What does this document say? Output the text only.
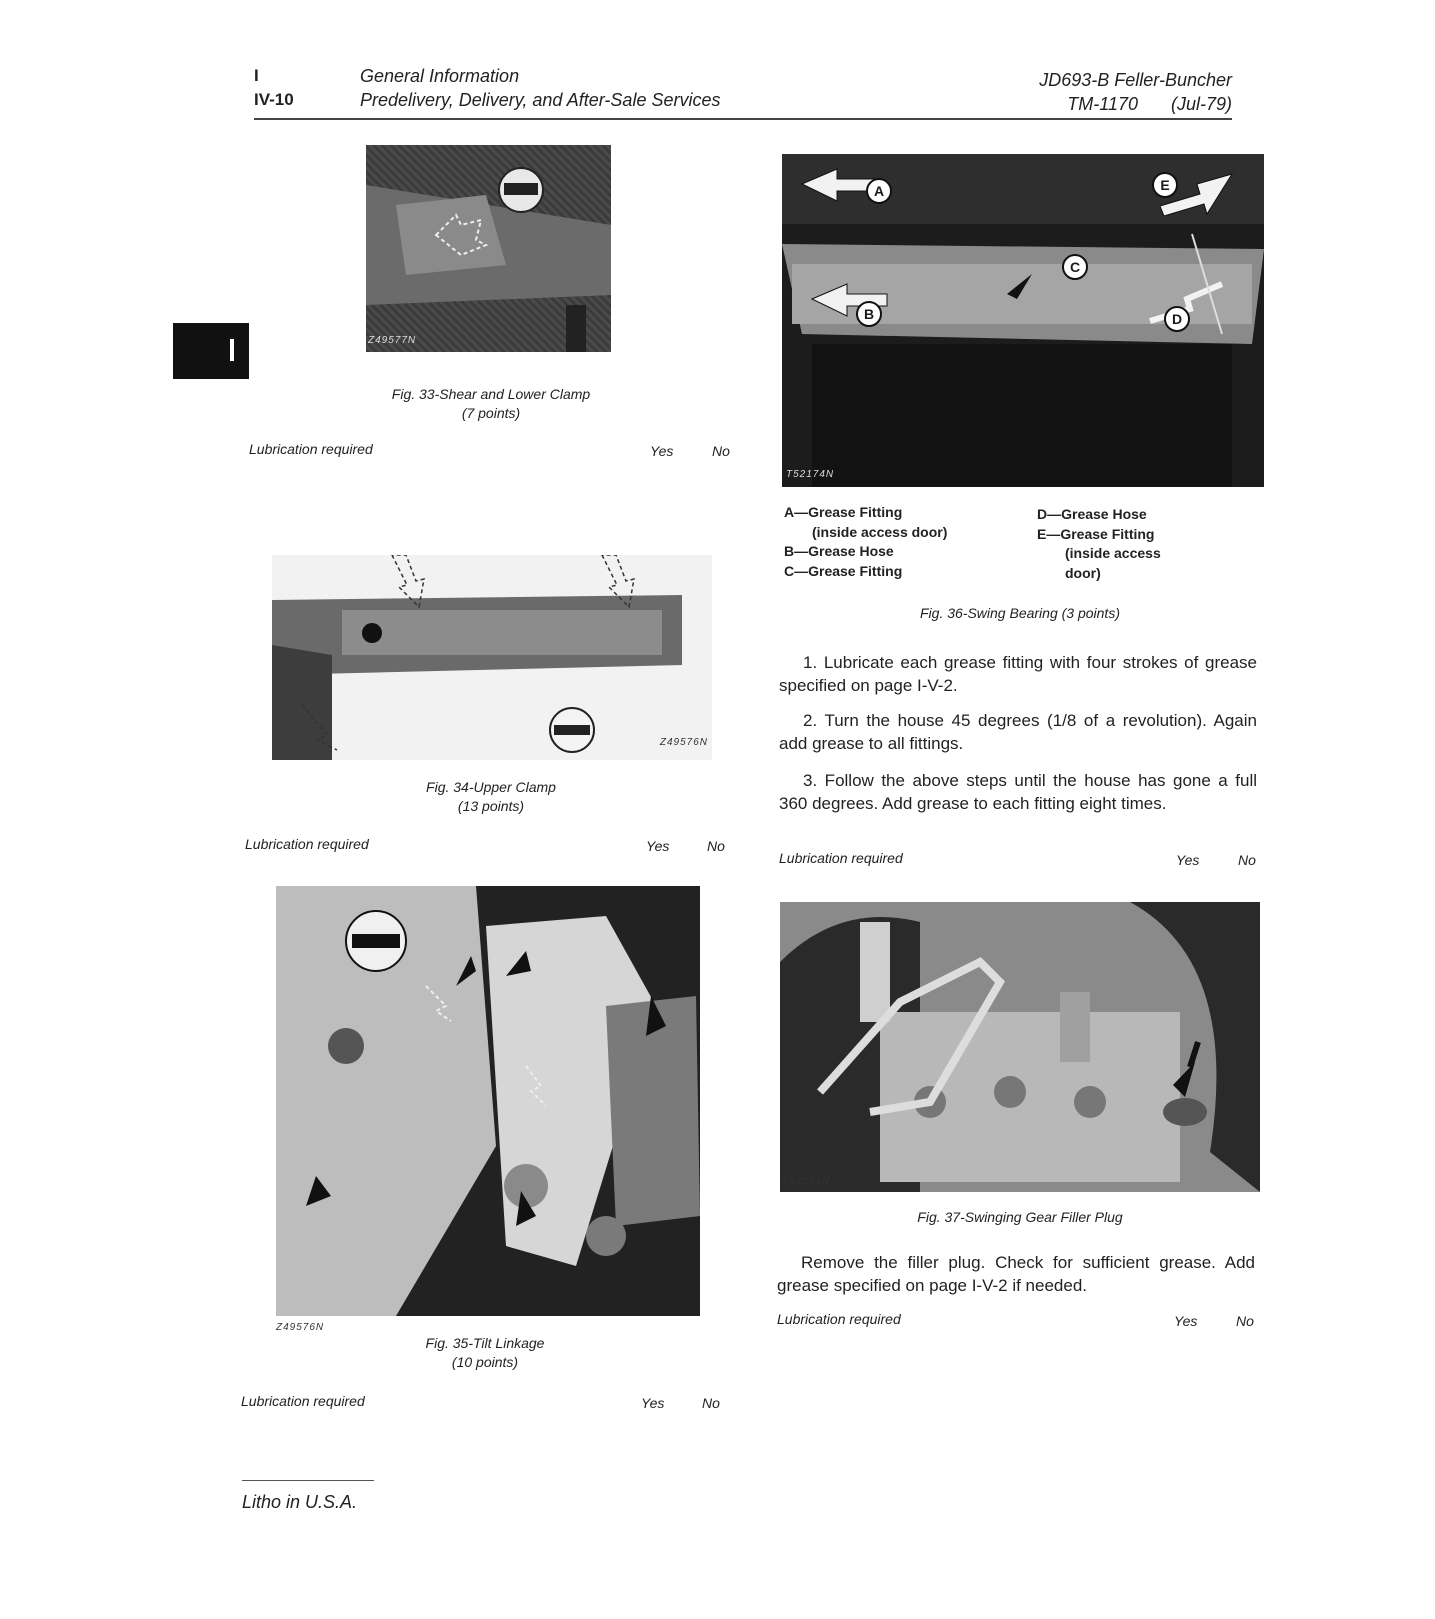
I
IV-10
General Information
Predelivery, Delivery, and After-Sale Services
JD693-B Feller-Buncher
TM-1170 (Jul-79)
Z49577N
Fig. 33-Shear and Lower Clamp
(7 points)
Lubrication required	Yes	No
Z49576N
Fig. 34-Upper Clamp
(13 points)
Lubrication required	Yes	No
Z49576N
Fig. 35-Tilt Linkage
(10 points)
Lubrication required	Yes	No
T52174N
A
B
C
D
E
A—Grease Fitting
(inside access door)
B—Grease Hose
C—Grease Fitting
D—Grease Hose
E—Grease Fitting
(inside access
door)
Fig. 36-Swing Bearing (3 points)
1. Lubricate each grease fitting with four strokes of grease specified on page I-V-2.
2. Turn the house 45 degrees (1/8 of a revolution). Again add grease to all fittings.
3. Follow the above steps until the house has gone a full 360 degrees. Add grease to each fitting eight times.
Lubrication required	Yes	No
T52584N
Fig. 37-Swinging Gear Filler Plug
Remove the filler plug. Check for sufficient grease. Add grease specified on page I-V-2 if needed.
Lubrication required	Yes	No
Litho in U.S.A.
